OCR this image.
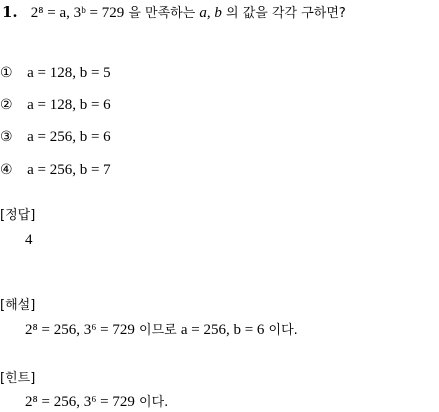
1. 2⁸ = a, 3ᵇ = 729 을 만족하는 a, b 의 값을 각각 구하면?
① a = 128, b = 5
② a = 128, b = 6
③ a = 256, b = 6
④ a = 256, b = 7
[정답]
4
[해설]
2⁸ = 256, 3⁶ = 729 이므로 a = 256, b = 6 이다.
[힌트]
2⁸ = 256, 3⁶ = 729 이다.
